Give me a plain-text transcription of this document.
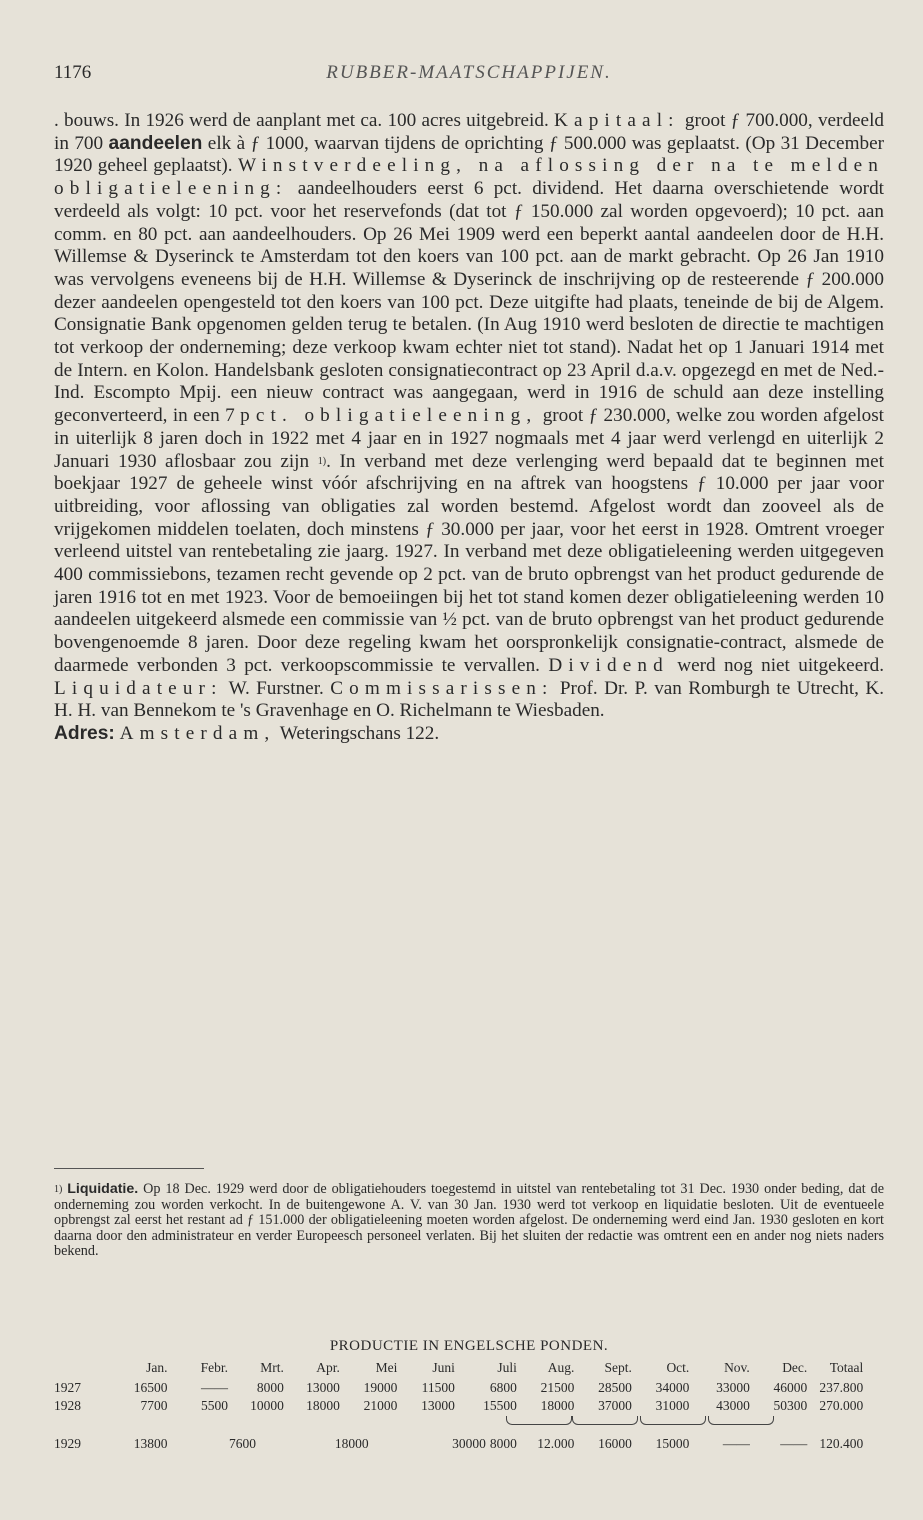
1176	RUBBER-MAATSCHAPPIJEN.

. bouws. In 1926 werd de aanplant met ca. 100 acres uitgebreid. Kapitaal: groot ƒ 700.000, verdeeld in 700 aandeelen elk à ƒ 1000, waarvan tijdens de oprichting ƒ 500.000 was geplaatst. (Op 31 December 1920 geheel geplaatst). Winstverdeeling, na aflossing der na te melden obligatieleening: aandeelhouders eerst 6 pct. dividend. Het daarna overschietende wordt verdeeld als volgt: 10 pct. voor het reservefonds (dat tot ƒ 150.000 zal worden opgevoerd); 10 pct. aan comm. en 80 pct. aan aandeelhouders. Op 26 Mei 1909 werd een beperkt aantal aandeelen door de H.H. Willemse & Dyserinck te Amsterdam tot den koers van 100 pct. aan de markt gebracht. Op 26 Jan 1910 was vervolgens eveneens bij de H.H. Willemse & Dyserinck de inschrijving op de resteerende ƒ 200.000 dezer aandeelen opengesteld tot den koers van 100 pct. Deze uitgifte had plaats, teneinde de bij de Algem. Consignatie Bank opgenomen gelden terug te betalen. (In Aug 1910 werd besloten de directie te machtigen tot verkoop der onderneming; deze verkoop kwam echter niet tot stand). Nadat het op 1 Januari 1914 met de Intern. en Kolon. Handelsbank gesloten consignatiecontract op 23 April d.a.v. opgezegd en met de Ned.-Ind. Escompto Mpij. een nieuw contract was aangegaan, werd in 1916 de schuld aan deze instelling geconverteerd, in een 7 pct. obligatieleening, groot ƒ 230.000, welke zou worden afgelost in uiterlijk 8 jaren doch in 1922 met 4 jaar en in 1927 nogmaals met 4 jaar werd verlengd en uiterlijk 2 Januari 1930 aflosbaar zou zijn $^{1)}$. In verband met deze verlenging werd bepaald dat te beginnen met boekjaar 1927 de geheele winst vóór afschrijving en na aftrek van hoogstens ƒ 10.000 per jaar voor uitbreiding, voor aflossing van obligaties zal worden bestemd. Afgelost wordt dan zooveel als de vrijgekomen middelen toelaten, doch minstens ƒ 30.000 per jaar, voor het eerst in 1928. Omtrent vroeger verleend uitstel van rentebetaling zie jaarg. 1927. In verband met deze obligatieleening werden uitgegeven 400 commissiebons, tezamen recht gevende op 2 pct. van de bruto opbrengst van het product gedurende de jaren 1916 tot en met 1923. Voor de bemoeiingen bij het tot stand komen dezer obligatieleening werden 10 aandeelen uitgekeerd alsmede een commissie van ½ pct. van de bruto opbrengst van het product gedurende bovengenoemde 8 jaren. Door deze regeling kwam het oorspronkelijk consignatie-contract, alsmede de daarmede verbonden 3 pct. verkoopscommissie te vervallen. Dividend werd nog niet uitgekeerd. Liquidateur: W. Furstner. Commissarissen: Prof. Dr. P. van Romburgh te Utrecht, K. H. H. van Bennekom te 's Gravenhage en O. Richelmann te Wiesbaden.

Adres: Amsterdam, Weteringschans 122.

$^{1)}$ Liquidatie. Op 18 Dec. 1929 werd door de obligatiehouders toegestemd in uitstel van rentebetaling tot 31 Dec. 1930 onder beding, dat de onderneming zou worden verkocht. In de buitengewone A. V. van 30 Jan. 1930 werd tot verkoop en liquidatie besloten. Uit de eventueele opbrengst zal eerst het restant ad ƒ 151.000 der obligatieleening moeten worden afgelost. De onderneming werd eind Jan. 1930 gesloten en kort daarna door den administrateur en verder Europeesch personeel verlaten. Bij het sluiten der redactie was omtrent een en ander nog niets naders bekend.

PRODUCTIE IN ENGELSCHE PONDEN.
Jan. Febr. Mrt. Apr.	Mei	Juni	Juli Aug. Sept.	Oct.	Nov. Dec. Totaal
1927	16500 —— 8000 13000 19000 11500	6800 21500 28500 34000 33000 46000 237.800
1928	7700 5500 10000 18000 21000 13000 15500 18000 37000 31000 43000 50300 270.000
1929	13800	7600	18000	30000 8000 12.000 16000 15000 —— —— 120.400
